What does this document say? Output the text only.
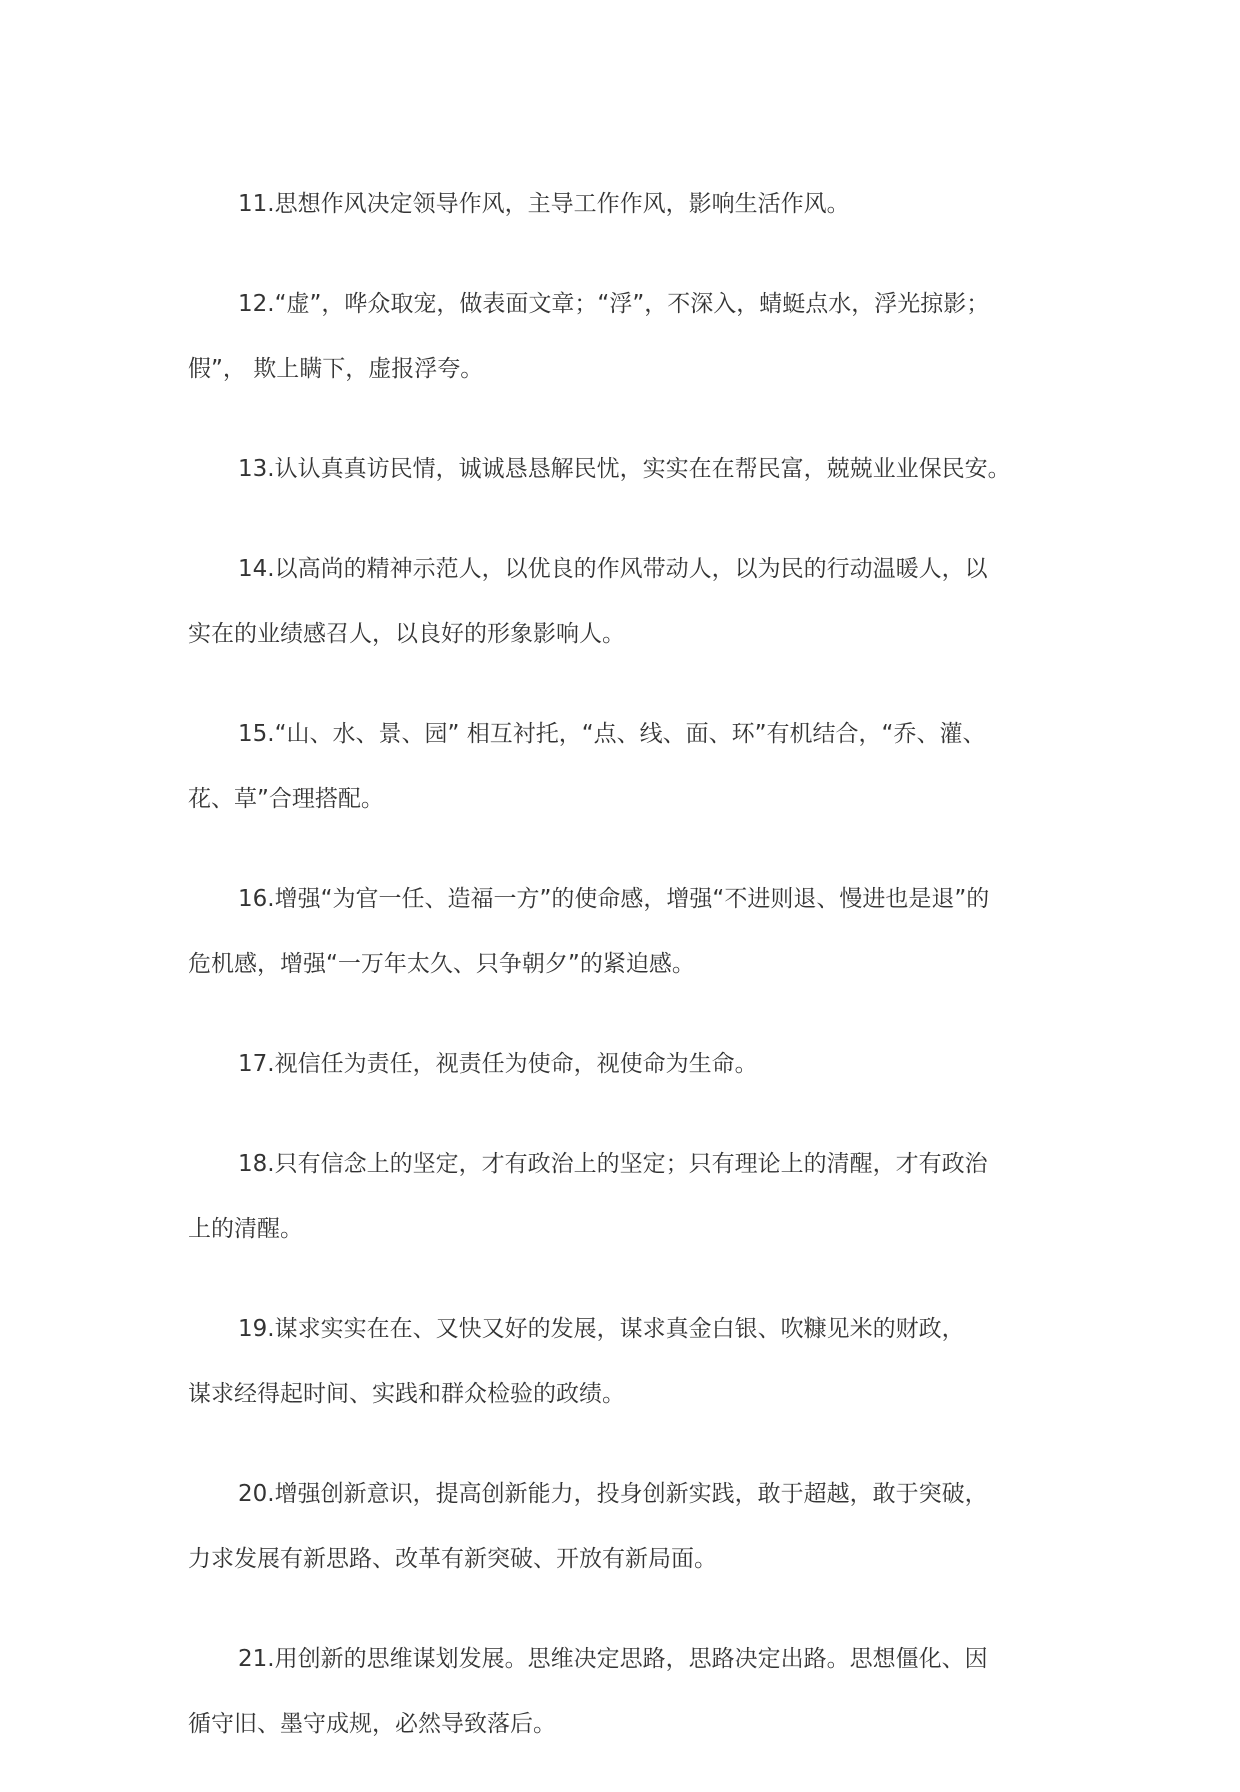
11.思想作风决定领导作风，主导工作作风，影响生活作风。

12.“虚”，哗众取宠，做表面文章；“浮”，不深入，蜻蜓点水，浮光掠影；
假”， 欺上瞒下，虚报浮夸。

13.认认真真访民情，诚诚恳恳解民忧，实实在在帮民富，兢兢业业保民安。

14.以高尚的精神示范人，以优良的作风带动人，以为民的行动温暖人，以
实在的业绩感召人，以良好的形象影响人。

15.“山、水、景、园” 相互衬托，“点、线、面、环”有机结合，“乔、灌、
花、草”合理搭配。

16.增强“为官一任、造福一方”的使命感，增强“不进则退、慢进也是退”的
危机感，增强“一万年太久、只争朝夕”的紧迫感。

17.视信任为责任，视责任为使命，视使命为生命。

18.只有信念上的坚定，才有政治上的坚定；只有理论上的清醒，才有政治
上的清醒。

19.谋求实实在在、又快又好的发展，谋求真金白银、吹糠见米的财政，
谋求经得起时间、实践和群众检验的政绩。

20.增强创新意识，提高创新能力，投身创新实践，敢于超越，敢于突破，
力求发展有新思路、改革有新突破、开放有新局面。

21.用创新的思维谋划发展。思维决定思路，思路决定出路。思想僵化、因
循守旧、墨守成规，必然导致落后。
